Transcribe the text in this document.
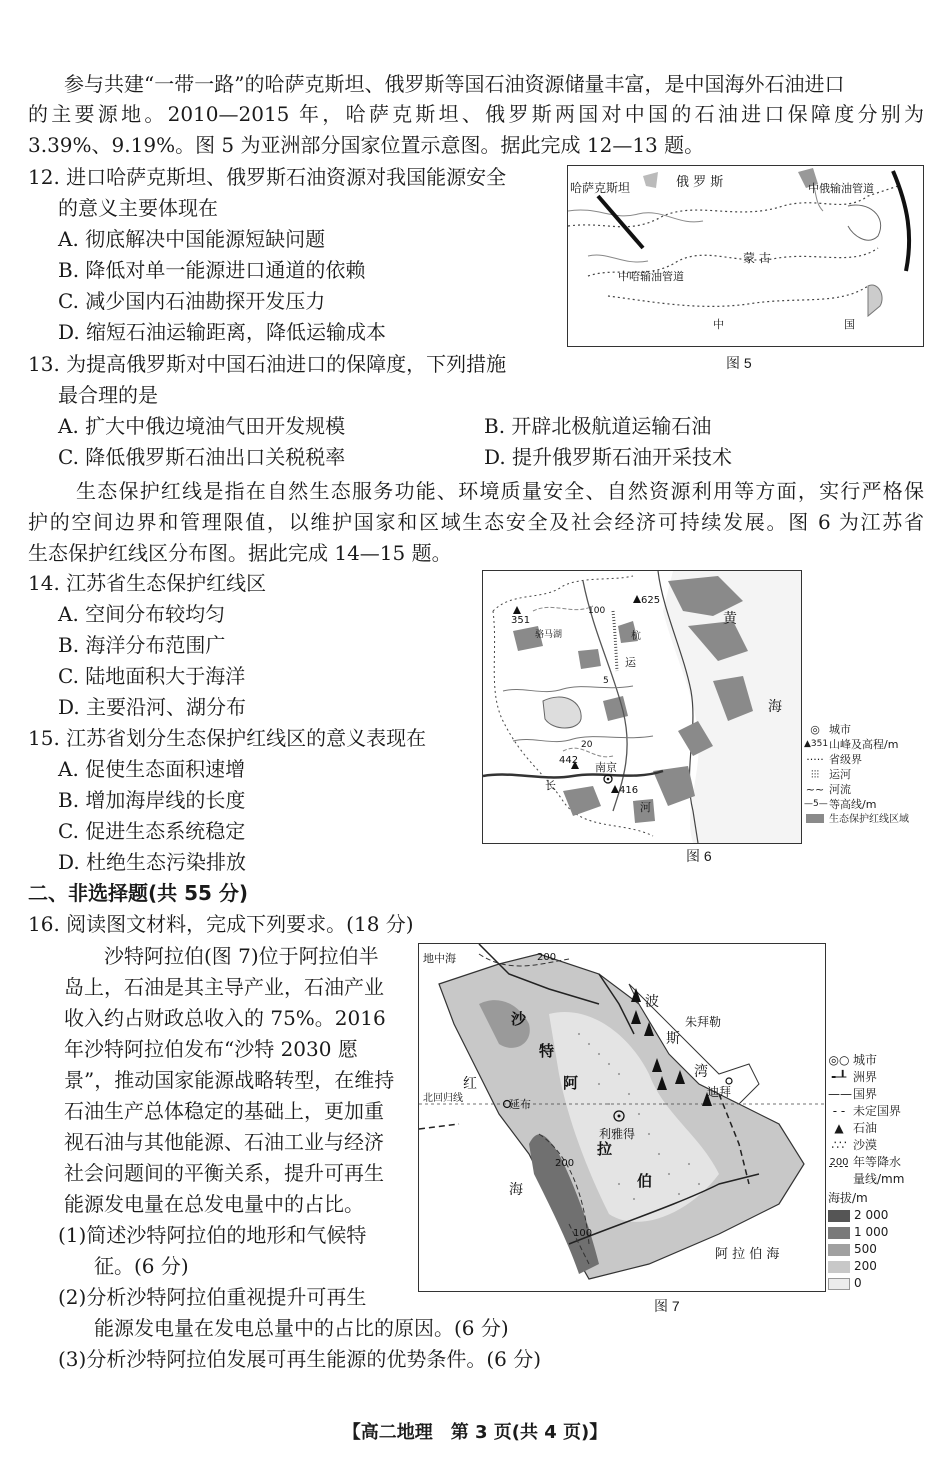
参与共建“一带一路”的哈萨克斯坦、俄罗斯等国石油资源储量丰富，是中国海外石油进口
的主要源地。2010—2015 年，哈萨克斯坦、俄罗斯两国对中国的石油进口保障度分别为
3.39%、9.19%。图 5 为亚洲部分国家位置示意图。据此完成 12—13 题。
12. 进口哈萨克斯坦、俄罗斯石油资源对我国能源安全
的意义主要体现在
A. 彻底解决中国能源短缺问题
B. 降低对单一能源进口通道的依赖
C. 减少国内石油勘探开发压力
D. 缩短石油运输距离，降低运输成本
13. 为提高俄罗斯对中国石油进口的保障度，下列措施
最合理的是
A. 扩大中俄边境油气田开发规模	B. 开辟北极航道运输石油
C. 降低俄罗斯石油出口关税税率	D. 提升俄罗斯石油开采技术
哈萨克斯坦	俄 罗 斯	中俄输油管道
中哈输油管道
蒙 古
中	国
图 5
生态保护红线是指在自然生态服务功能、环境质量安全、自然资源利用等方面，实行严格保
护的空间边界和管理限值，以维护国家和区域生态安全及社会经济可持续发展。图 6 为江苏省
生态保护红线区分布图。据此完成 14—15 题。
14. 江苏省生态保护红线区
A. 空间分布较均匀
B. 海洋分布范围广
C. 陆地面积大于海洋
D. 主要沿河、湖分布
15. 江苏省划分生态保护红线区的意义表现在
A. 促使生态面积速增
B. 增加海岸线的长度
C. 促进生态系统稳定
D. 杜绝生态污染排放
黄
海
351
625
442
416
骆马湖
运
河
南京
长
100
20
5
杭
◎ 城市
▲351 山峰及高程/m
····· 省级界
⫶⫶⫶ 运河
~~ 河流
—5— 等高线/m
生态保护红线区域
图 6
二、非选择题(共 55 分)
16. 阅读图文材料，完成下列要求。(18 分)
沙特阿拉伯(图 7)位于阿拉伯半
岛上，石油是其主导产业，石油产业
收入约占财政总收入的 75%。2016
年沙特阿拉伯发布“沙特 2030 愿
景”，推动国家能源战略转型，在维持
石油生产总体稳定的基础上，更加重
视石油与其他能源、石油工业与经济
社会问题间的平衡关系，提升可再生
能源发电量在总发电量中的占比。
(1)简述沙特阿拉伯的地形和气候特
征。(6 分)
(2)分析沙特阿拉伯重视提升可再生
能源发电量在发电总量中的占比的原因。(6 分)
(3)分析沙特阿拉伯发展可再生能源的优势条件。(6 分)
地中海	200
200
100
沙
特
阿
拉
伯
波
斯
湾
朱拜勒
迪拜
红
海
北回归线	延布
利雅得
阿 拉 伯 海
◎○ 城市
╾┸ 洲界
—— 国界
- - 未定国界
▲ 石油
∴∵ 沙漠
200 年等降水
量线/mm
海拔/m
2 000
1 000
500
200
0
图 7
【高二地理　第 3 页(共 4 页)】
